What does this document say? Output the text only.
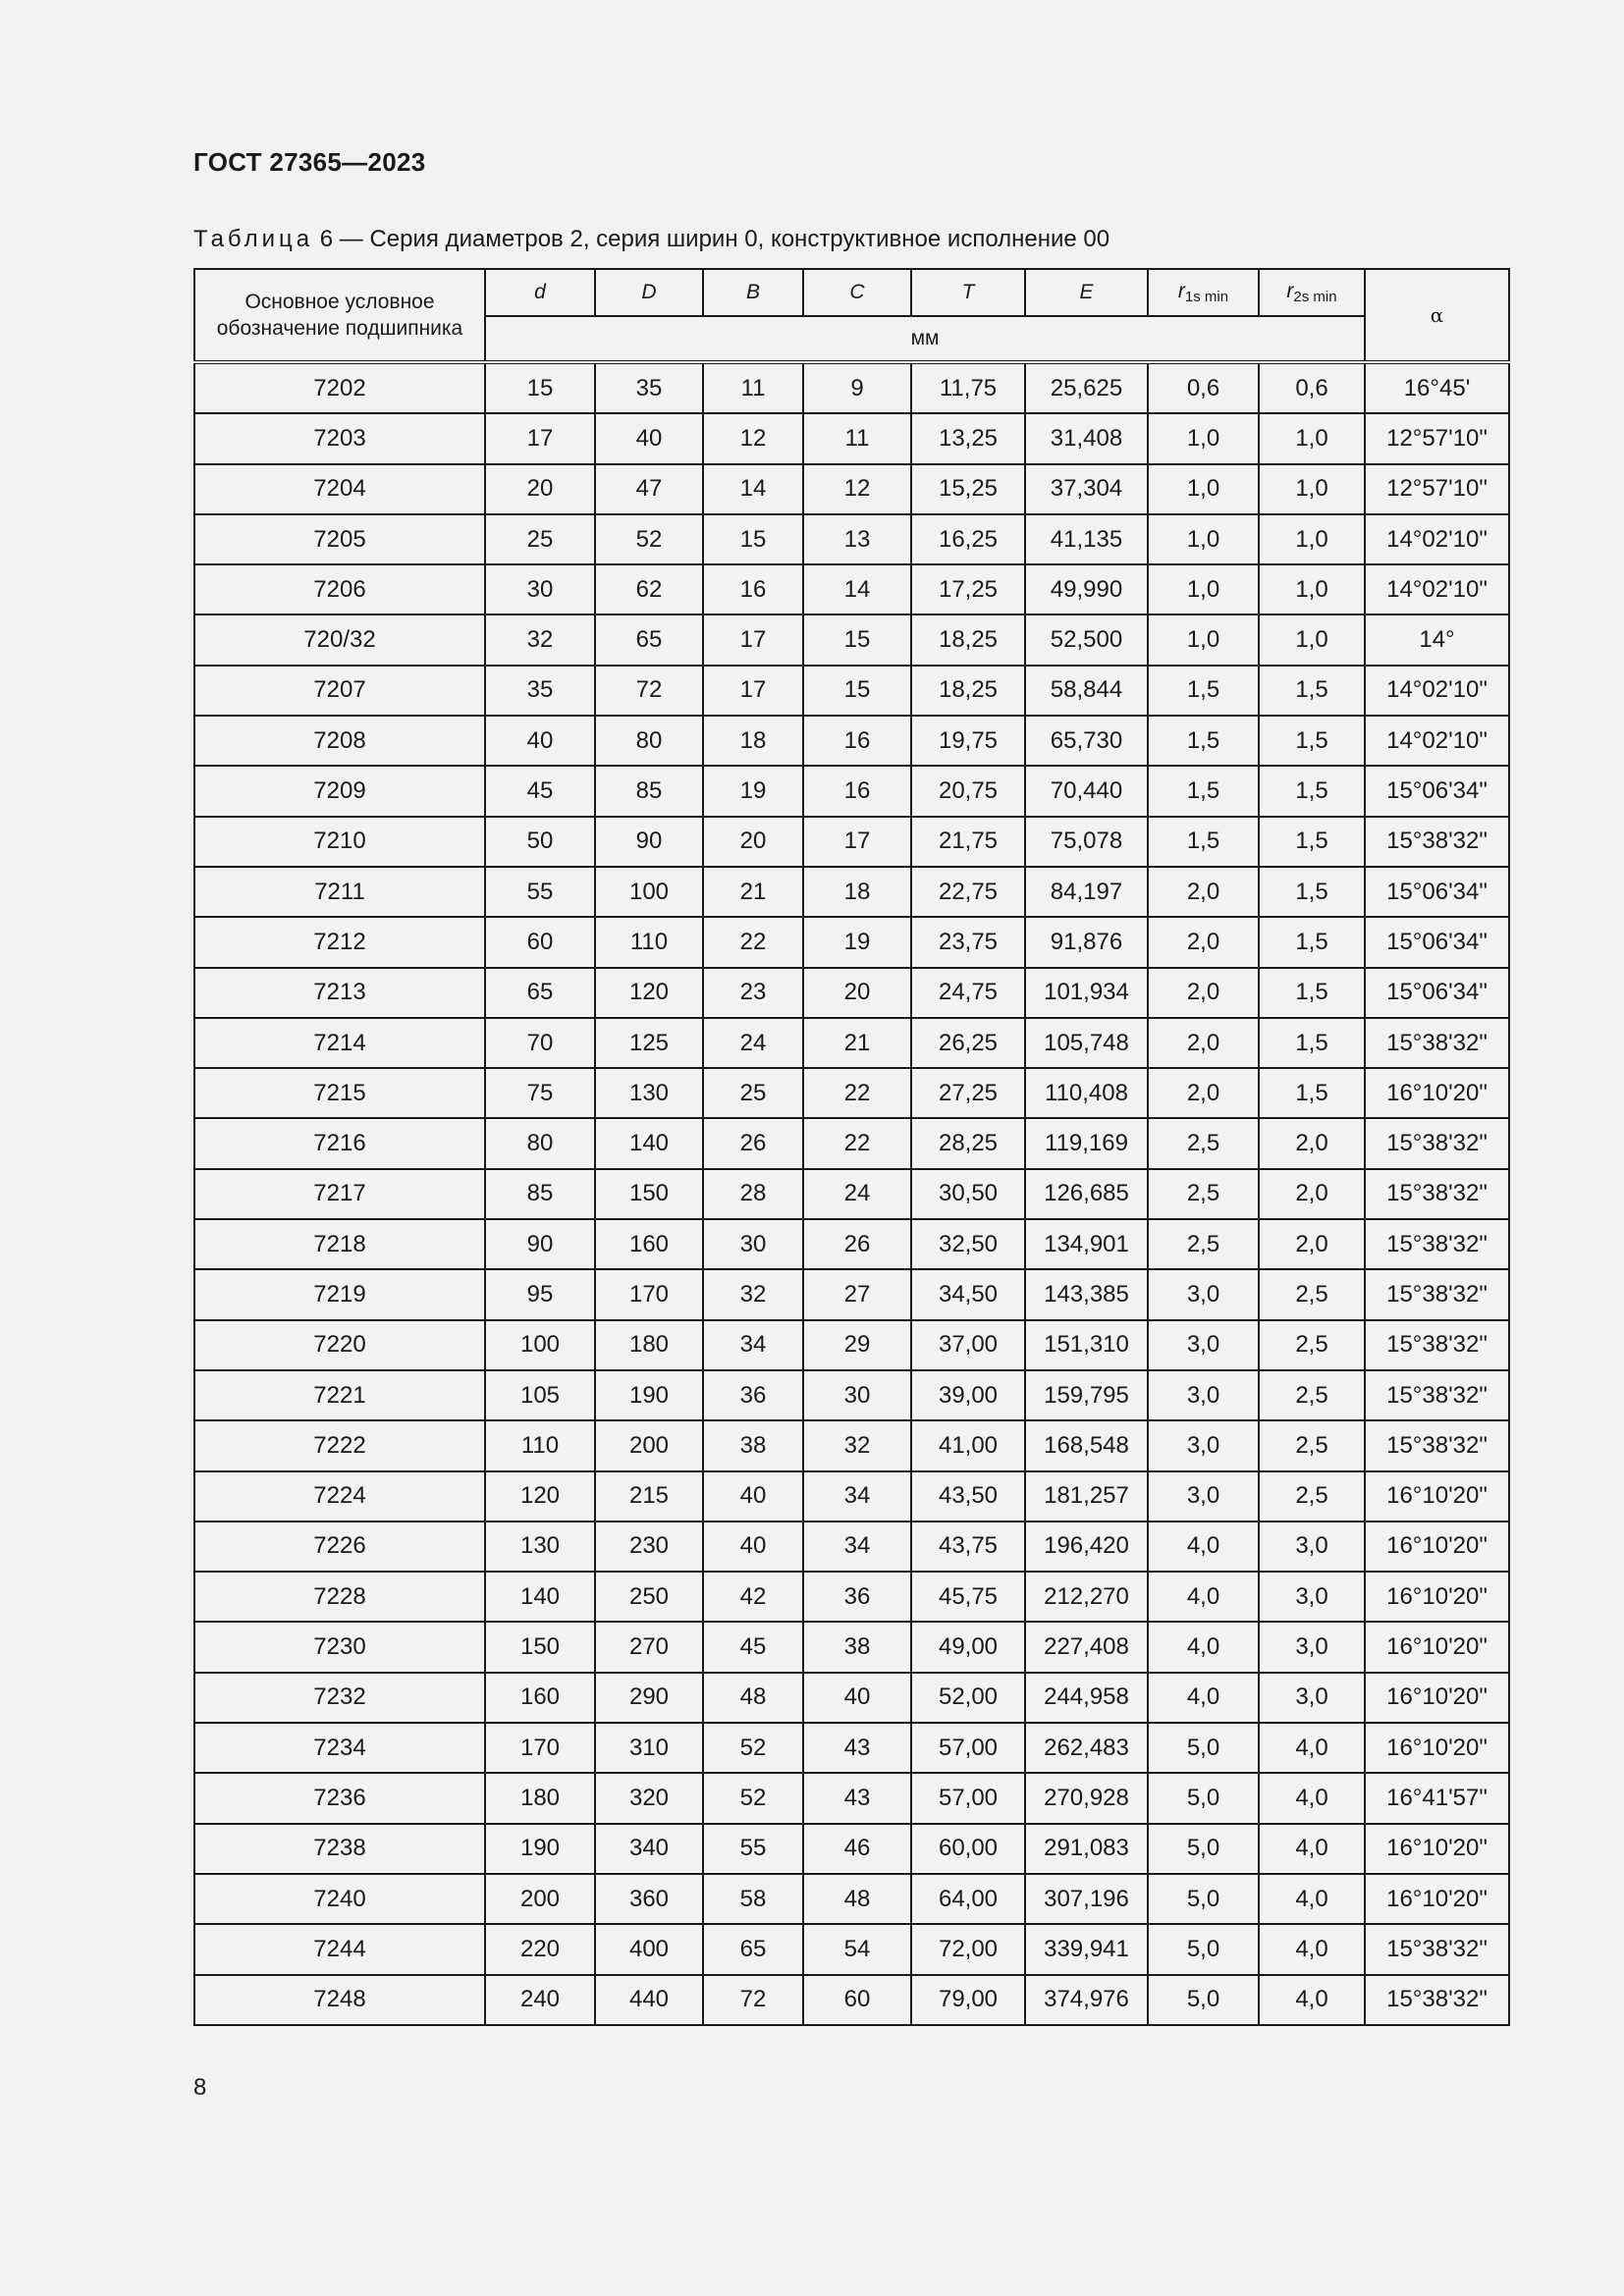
ГОСТ 27365—2023
Таблица 6 — Серия диаметров 2, серия ширин 0, конструктивное исполнение 00
Основное условное обозначение подшипника	d	D	B	C	T	E	$r_{1s min}$	$r_{2s min}$	α
	мм								
7202	15	35	11	9	11,75	25,625	0,6	0,6	16°45'
7203	17	40	12	11	13,25	31,408	1,0	1,0	12°57'10"
7204	20	47	14	12	15,25	37,304	1,0	1,0	12°57'10"
7205	25	52	15	13	16,25	41,135	1,0	1,0	14°02'10"
7206	30	62	16	14	17,25	49,990	1,0	1,0	14°02'10"
720/32	32	65	17	15	18,25	52,500	1,0	1,0	14°
7207	35	72	17	15	18,25	58,844	1,5	1,5	14°02'10"
7208	40	80	18	16	19,75	65,730	1,5	1,5	14°02'10"
7209	45	85	19	16	20,75	70,440	1,5	1,5	15°06'34"
7210	50	90	20	17	21,75	75,078	1,5	1,5	15°38'32"
7211	55	100	21	18	22,75	84,197	2,0	1,5	15°06'34"
7212	60	110	22	19	23,75	91,876	2,0	1,5	15°06'34"
7213	65	120	23	20	24,75	101,934	2,0	1,5	15°06'34"
7214	70	125	24	21	26,25	105,748	2,0	1,5	15°38'32"
7215	75	130	25	22	27,25	110,408	2,0	1,5	16°10'20"
7216	80	140	26	22	28,25	119,169	2,5	2,0	15°38'32"
7217	85	150	28	24	30,50	126,685	2,5	2,0	15°38'32"
7218	90	160	30	26	32,50	134,901	2,5	2,0	15°38'32"
7219	95	170	32	27	34,50	143,385	3,0	2,5	15°38'32"
7220	100	180	34	29	37,00	151,310	3,0	2,5	15°38'32"
7221	105	190	36	30	39,00	159,795	3,0	2,5	15°38'32"
7222	110	200	38	32	41,00	168,548	3,0	2,5	15°38'32"
7224	120	215	40	34	43,50	181,257	3,0	2,5	16°10'20"
7226	130	230	40	34	43,75	196,420	4,0	3,0	16°10'20"
7228	140	250	42	36	45,75	212,270	4,0	3,0	16°10'20"
7230	150	270	45	38	49,00	227,408	4,0	3,0	16°10'20"
7232	160	290	48	40	52,00	244,958	4,0	3,0	16°10'20"
7234	170	310	52	43	57,00	262,483	5,0	4,0	16°10'20"
7236	180	320	52	43	57,00	270,928	5,0	4,0	16°41'57"
7238	190	340	55	46	60,00	291,083	5,0	4,0	16°10'20"
7240	200	360	58	48	64,00	307,196	5,0	4,0	16°10'20"
7244	220	400	65	54	72,00	339,941	5,0	4,0	15°38'32"
7248	240	440	72	60	79,00	374,976	5,0	4,0	15°38'32"
8
